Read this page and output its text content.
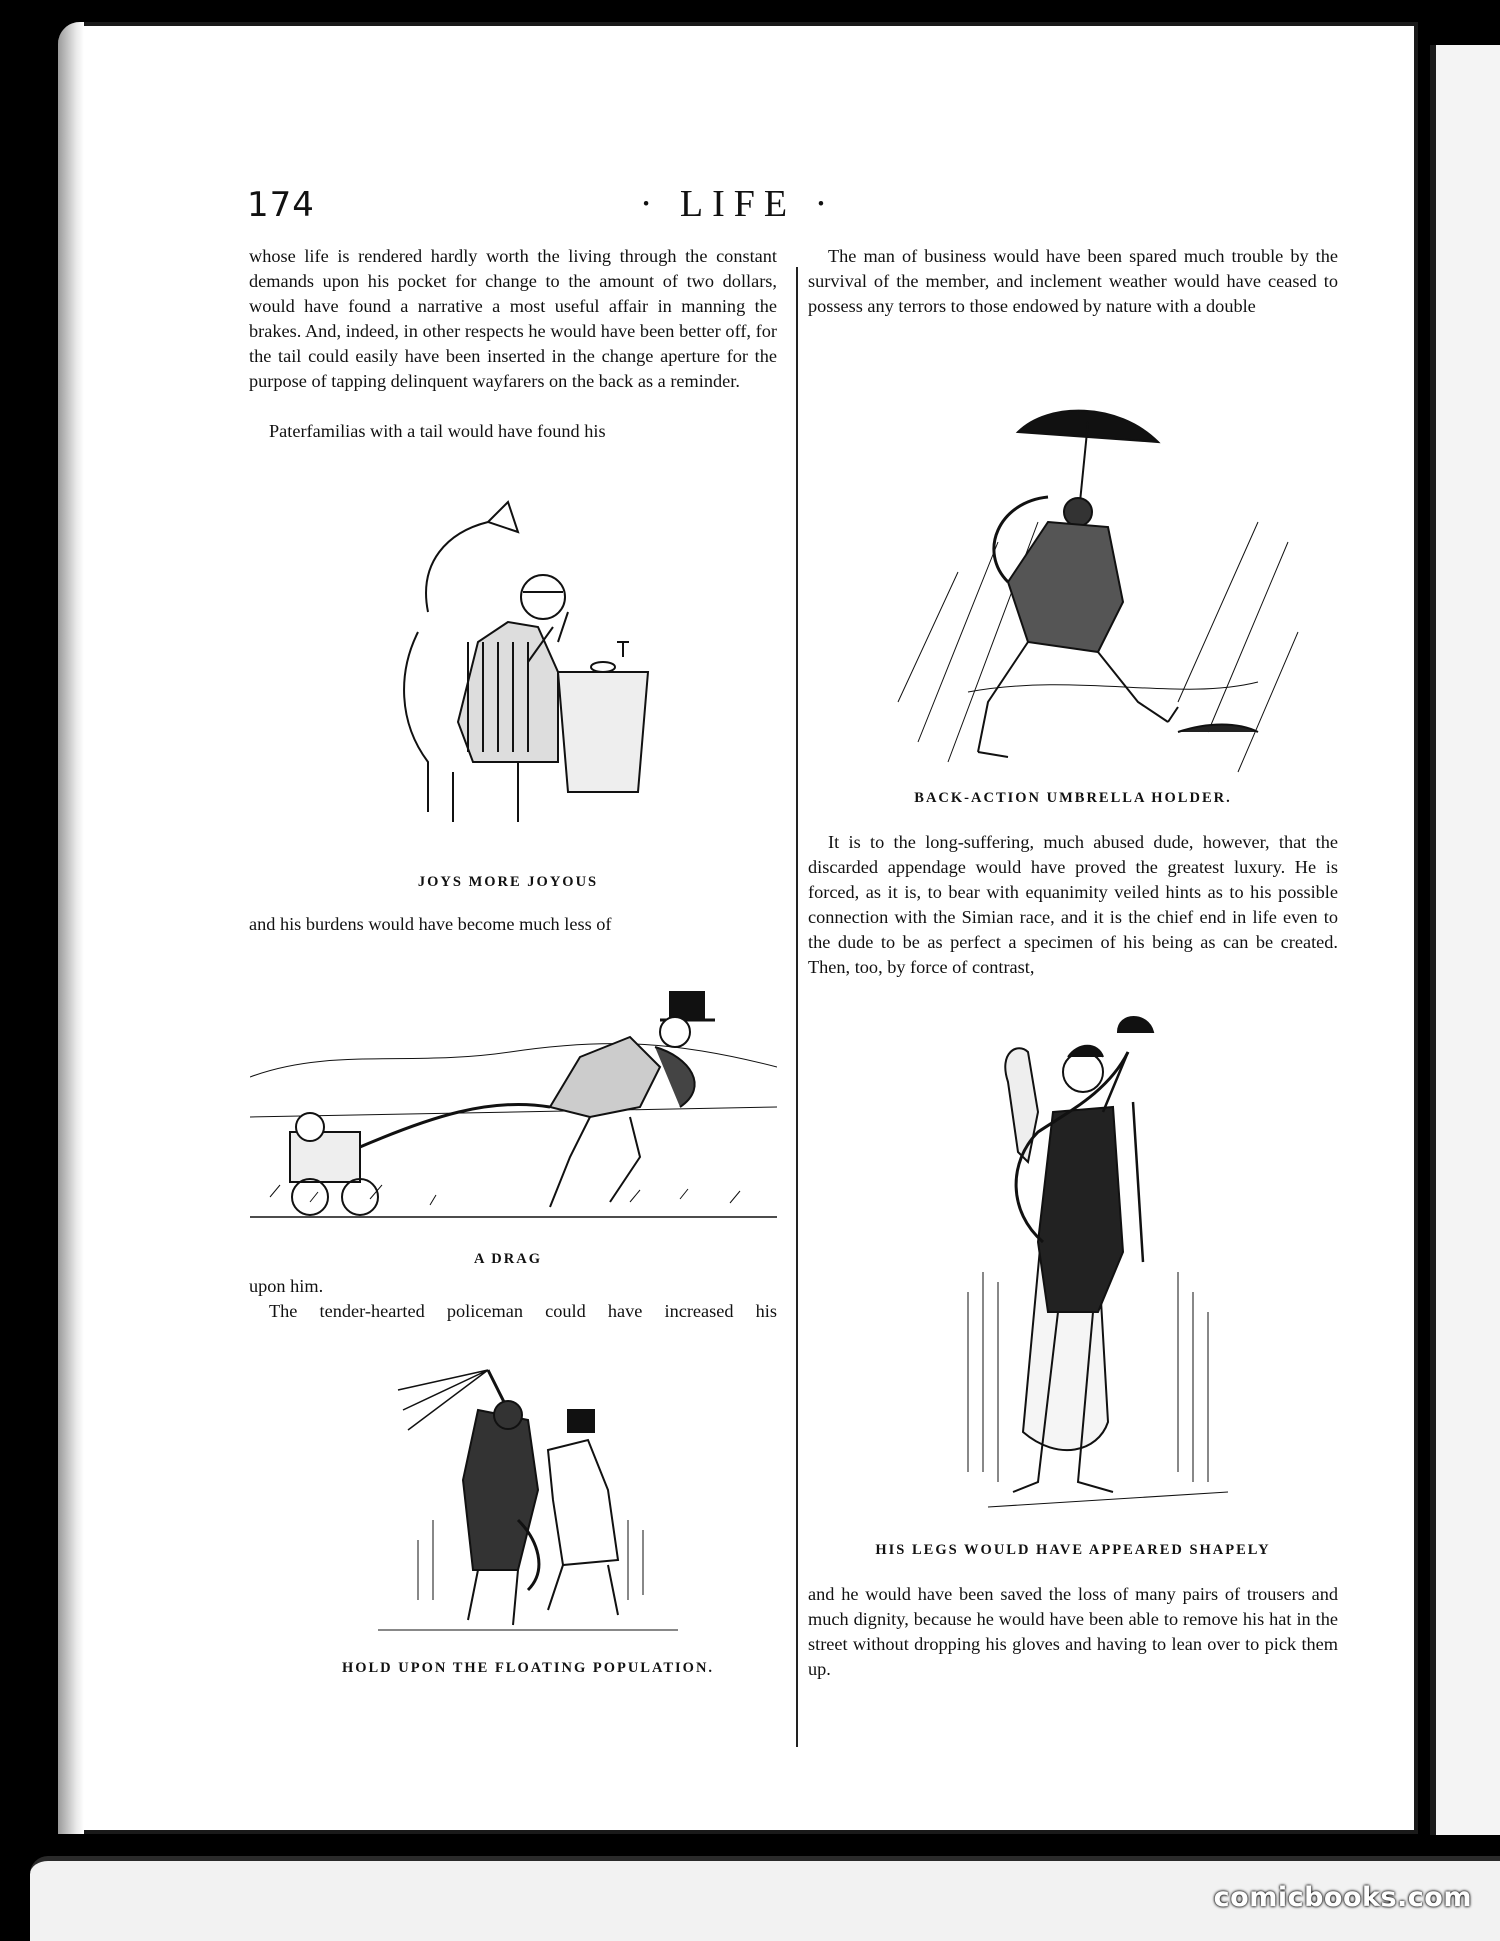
174	· LIFE ·

whose life is rendered hardly worth the living through the constant demands upon his pocket for change to the amount of two dollars, would have found a narrative a most useful affair in manning the brakes. And, indeed, in other respects he would have been better off, for the tail could easily have been inserted in the change aperture for the purpose of tapping delinquent wayfarers on the back as a reminder.

Paterfamilias with a tail would have found his

JOYS MORE JOYOUS

and his burdens would have become much less of

A DRAG

upon him.

The tender-hearted policeman could have increased his

HOLD UPON THE FLOATING POPULATION.

The man of business would have been spared much trouble by the survival of the member, and inclement weather would have ceased to possess any terrors to those endowed by nature with a double

BACK-ACTION UMBRELLA HOLDER.

It is to the long-suffering, much abused dude, however, that the discarded appendage would have proved the greatest luxury. He is forced, as it is, to bear with equanimity veiled hints as to his possible connection with the Simian race, and it is the chief end in life even to the dude to be as perfect a specimen of his being as can be created. Then, too, by force of contrast,

HIS LEGS WOULD HAVE APPEARED SHAPELY

and he would have been saved the loss of many pairs of trousers and much dignity, because he would have been able to remove his hat in the street without dropping his gloves and having to lean over to pick them up.

comicbooks.com
